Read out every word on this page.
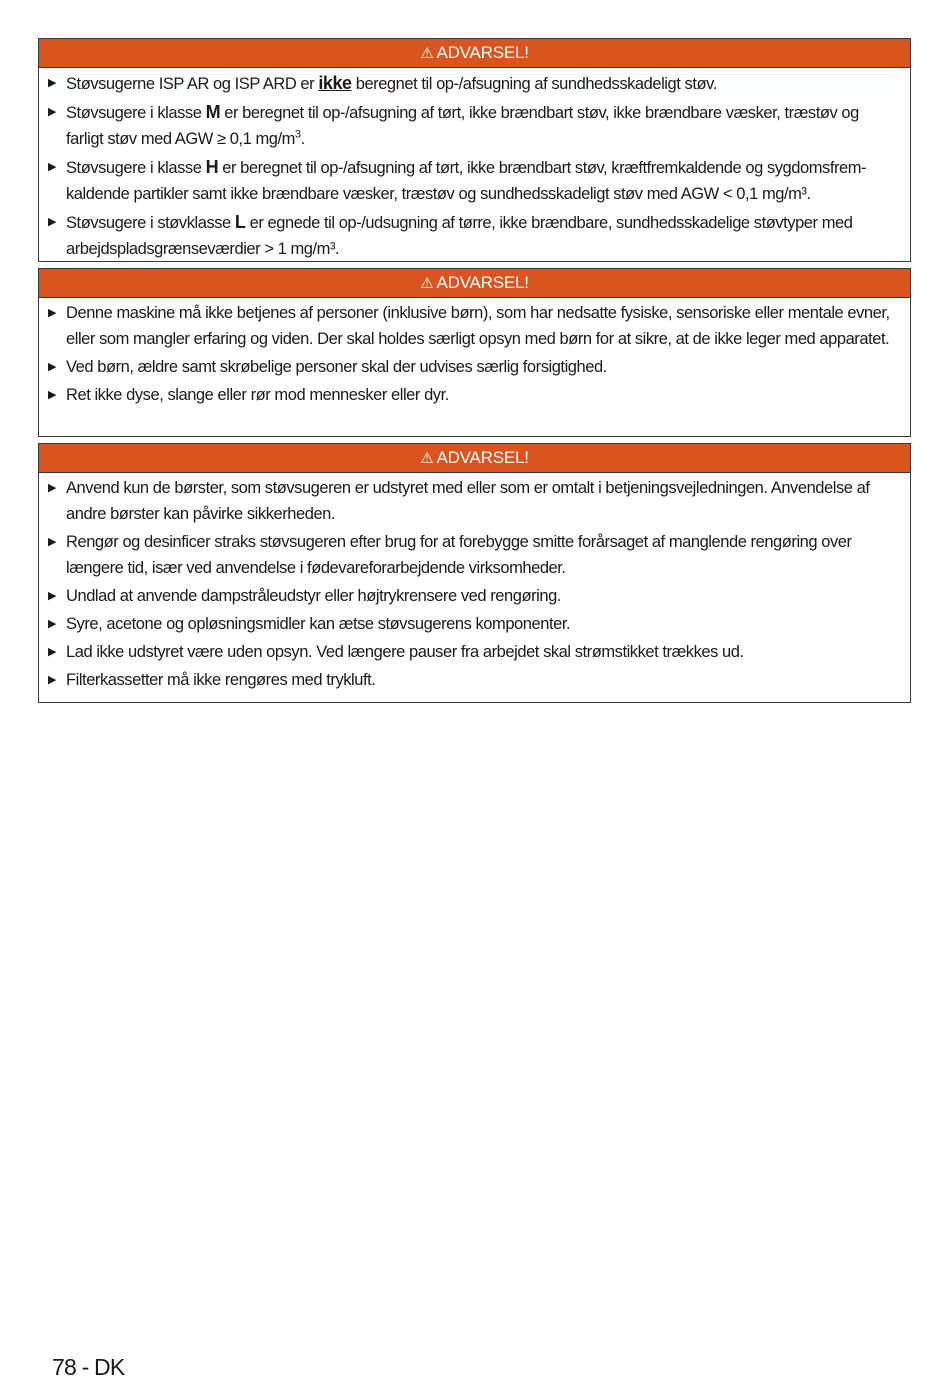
⚠ ADVARSEL!
▶ Støvsugerne ISP AR og ISP ARD er ikke beregnet til op-/afsugning af sundhedsskadeligt støv.
▶ Støvsugere i klasse M er beregnet til op-/afsugning af tørt, ikke brændbart støv, ikke brændbare væsker, træstøv og farligt støv med AGW ≥ 0,1 $mg/m^3$.
▶ Støvsugere i klasse H er beregnet til op-/afsugning af tørt, ikke brændbart støv, kræftfremkaldende og sygdomsfrem-kaldende partikler samt ikke brændbare væsker, træstøv og sundhedsskadeligt støv med AGW < 0,1 mg/m³.
▶ Støvsugere i støvklasse L er egnede til op-/udsugning af tørre, ikke brændbare, sundhedsskadelige støvtyper med arbejdspladsgrænseværdier > 1 mg/m³.
⚠ ADVARSEL!
▶ Denne maskine må ikke betjenes af personer (inklusive børn), som har nedsatte fysiske, sensoriske eller mentale evner, eller som mangler erfaring og viden. Der skal holdes særligt opsyn med børn for at sikre, at de ikke leger med apparatet.
▶ Ved børn, ældre samt skrøbelige personer skal der udvises særlig forsigtighed.
▶ Ret ikke dyse, slange eller rør mod mennesker eller dyr.
⚠ ADVARSEL!
▶ Anvend kun de børster, som støvsugeren er udstyret med eller som er omtalt i betjeningsvejledningen. Anvendelse af andre børster kan påvirke sikkerheden.
▶ Rengør og desinficer straks støvsugeren efter brug for at forebygge smitte forårsaget af manglende rengøring over længere tid, især ved anvendelse i fødevareforarbejdende virksomheder.
▶ Undlad at anvende dampstråleudstyr eller højtrykrensere ved rengøring.
▶ Syre, acetone og opløsningsmidler kan ætse støvsugerens komponenter.
▶ Lad ikke udstyret være uden opsyn. Ved længere pauser fra arbejdet skal strømstikket trækkes ud.
▶ Filterkassetter må ikke rengøres med trykluft.
78 - DK
